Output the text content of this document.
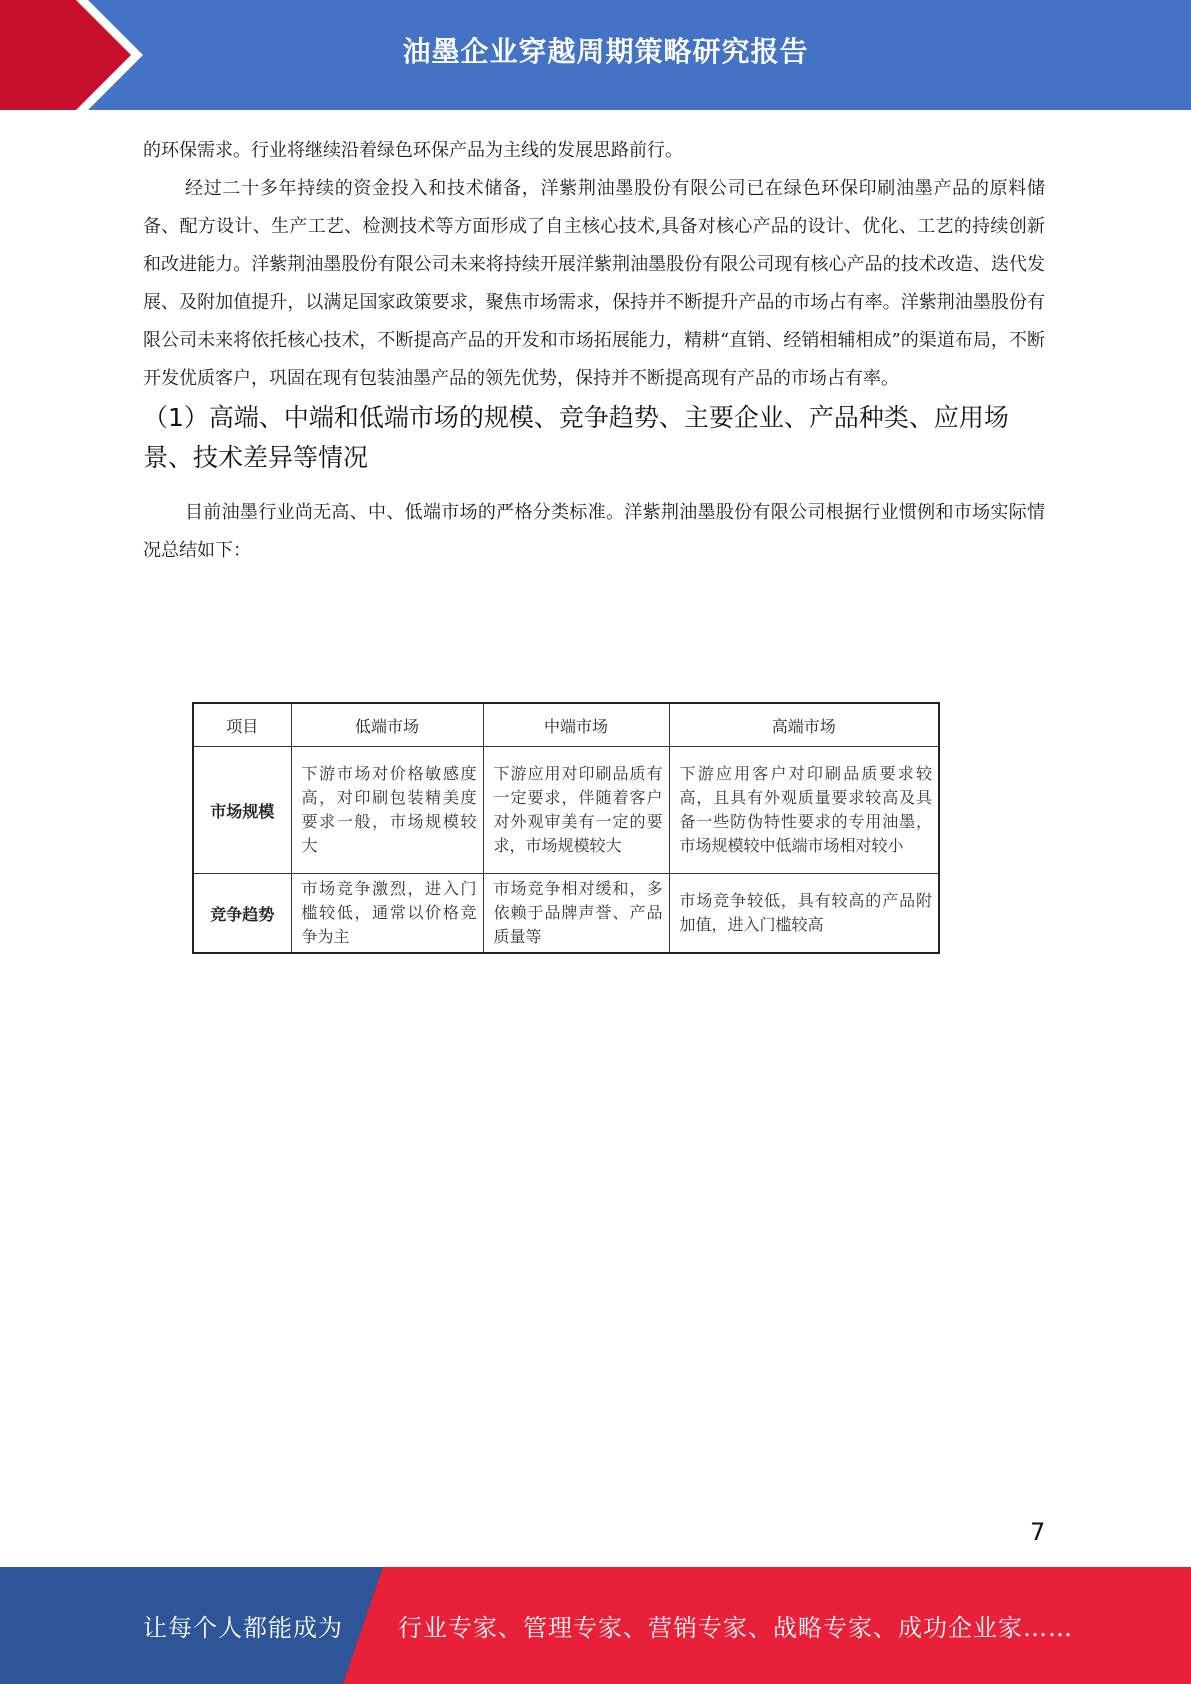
油墨企业穿越周期策略研究报告

的环保需求。行业将继续沿着绿色环保产品为主线的发展思路前行。

经过二十多年持续的资金投入和技术储备，洋紫荆油墨股份有限公司已在绿色环保印刷油墨产品的原料储备、配方设计、生产工艺、检测技术等方面形成了自主核心技术,具备对核心产品的设计、优化、工艺的持续创新和改进能力。洋紫荆油墨股份有限公司未来将持续开展洋紫荆油墨股份有限公司现有核心产品的技术改造、迭代发展、及附加值提升，以满足国家政策要求，聚焦市场需求，保持并不断提升产品的市场占有率。洋紫荆油墨股份有限公司未来将依托核心技术，不断提高产品的开发和市场拓展能力，精耕“直销、经销相辅相成”的渠道布局，不断开发优质客户，巩固在现有包装油墨产品的领先优势，保持并不断提高现有产品的市场占有率。

（1）高端、中端和低端市场的规模、竞争趋势、主要企业、产品种类、应用场景、技术差异等情况

目前油墨行业尚无高、中、低端市场的严格分类标准。洋紫荆油墨股份有限公司根据行业惯例和市场实际情况总结如下：

项目	低端市场	中端市场	高端市场
市场规模	下游市场对价格敏感度高，对印刷包装精美度要求一般，市场规模较大	下游应用对印刷品质有一定要求，伴随着客户对外观审美有一定的要求，市场规模较大	下游应用客户对印刷品质要求较高，且具有外观质量要求较高及具备一些防伪特性要求的专用油墨，市场规模较中低端市场相对较小
竞争趋势	市场竞争激烈，进入门槛较低，通常以价格竞争为主	市场竞争相对缓和，多依赖于品牌声誉、产品质量等	市场竞争较低，具有较高的产品附加值，进入门槛较高
7
让每个人都能成为 行业专家、管理专家、营销专家、战略专家、成功企业家……
